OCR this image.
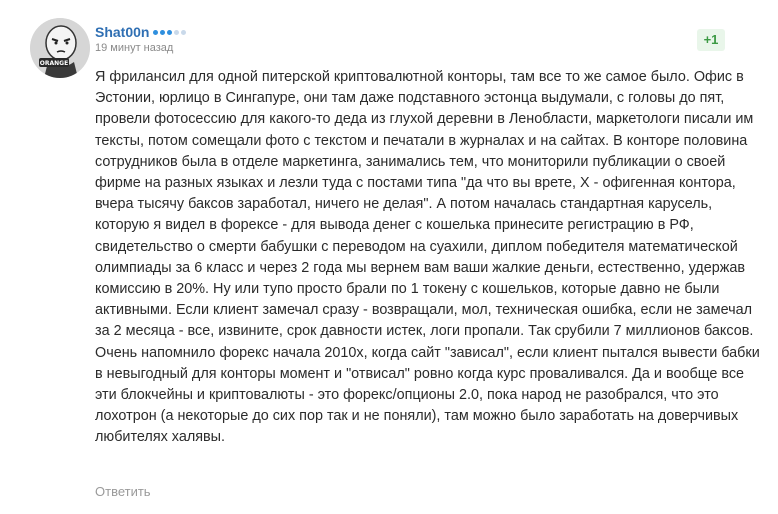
ORANGE
Shat00n
19 минут назад
+1

Я фрилансил для одной питерской криптовалютной конторы, там все то же самое было. Офис в Эстонии, юрлицо в Сингапуре, они там даже подставного эстонца выдумали, с головы до пят, провели фотосессию для какого-то деда из глухой деревни в Ленобласти, маркетологи писали им тексты, потом сомещали фото с текстом и печатали в журналах и на сайтах. В конторе половина сотрудников была в отделе маркетинга, занимались тем, что мониторили публикации о своей фирме на разных языках и лезли туда с постами типа "да что вы врете, Х - офигенная контора, вчера тысячу баксов заработал, ничего не делая". А потом началась стандартная карусель, которую я видел в форексе - для вывода денег с кошелька принесите регистрацию в РФ, свидетельство о смерти бабушки с переводом на суахили, диплом победителя математической олимпиады за 6 класс и через 2 года мы вернем вам ваши жалкие деньги, естественно, удержав комиссию в 20%. Ну или тупо просто брали по 1 токену с кошельков, которые давно не были активными. Если клиент замечал сразу - возвращали, мол, техническая ошибка, если не замечал за 2 месяца - все, извините, срок давности истек, логи пропали. Так срубили 7 миллионов баксов. Очень напомнило форекс начала 2010х, когда сайт "зависал", если клиент пытался вывести бабки в невыгодный для конторы момент и "отвисал" ровно когда курс проваливался. Да и вообще все эти блокчейны и криптовалюты - это форекс/опционы 2.0, пока народ не разобрался, что это лохотрон (а некоторые до сих пор так и не поняли), там можно было заработать на доверчивых любителях халявы.

Ответить
